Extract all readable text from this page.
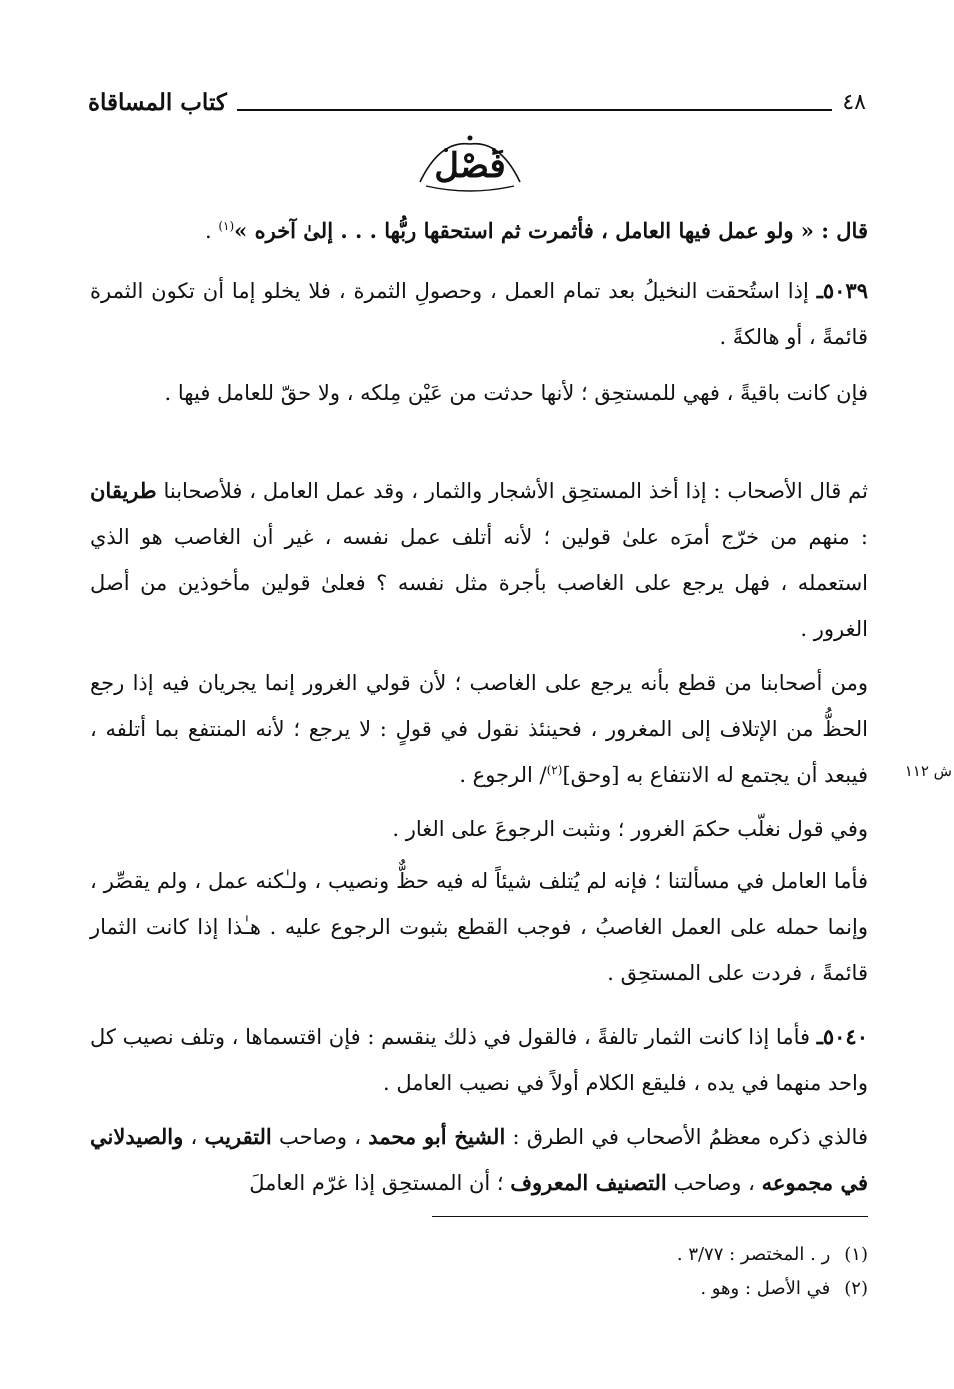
٤٨
كتاب المساقاة
فَصْل

قال : « ولو عمل فيها العامل ، فأثمرت ثم استحقها ربُّها . . . إلىٰ آخره »$^{(١)}$ .

٥٠٣٩ـ إذا استُحقت النخيلُ بعد تمام العمل ، وحصولِ الثمرة ، فلا يخلو إما أن تكون الثمرة قائمةً ، أو هالكةً .

فإن كانت باقيةً ، فهي للمستحِق ؛ لأنها حدثت من عَيْن مِلكه ، ولا حقّ للعامل فيها .

ثم قال الأصحاب : إذا أخذ المستحِق الأشجار والثمار ، وقد عمل العامل ، فلأصحابنا طريقان : منهم من خرّج أمرَه علىٰ قولين ؛ لأنه أتلف عمل نفسه ، غير أن الغاصب هو الذي استعمله ، فهل يرجع على الغاصب بأجرة مثل نفسه ؟ فعلىٰ قولين مأخوذين من أصل الغرور .

ومن أصحابنا من قطع بأنه يرجع على الغاصب ؛ لأن قولي الغرور إنما يجريان فيه إذا رجع الحظُّ من الإتلاف إلى المغرور ، فحينئذ نقول في قولٍ : لا يرجع ؛ لأنه المنتفع بما أتلفه ، فيبعد أن يجتمع له الانتفاع به [وحق]$^{(٢)}$/ الرجوع .	ش ١١٢

وفي قول نغلّب حكمَ الغرور ؛ ونثبت الرجوعَ على الغار .

فأما العامل في مسألتنا ؛ فإنه لم يُتلف شيئاً له فيه حظٌّ ونصيب ، ولـٰكنه عمل ، ولم يقصِّر ، وإنما حمله على العمل الغاصبُ ، فوجب القطع بثبوت الرجوع عليه . هـٰذا إذا كانت الثمار قائمةً ، فردت على المستحِق .

٥٠٤٠ـ فأما إذا كانت الثمار تالفةً ، فالقول في ذلك ينقسم : فإن اقتسماها ، وتلف نصيب كل واحد منهما في يده ، فليقع الكلام أولاً في نصيب العامل .

فالذي ذكره معظمُ الأصحاب في الطرق : الشيخ أبو محمد ، وصاحب التقريب ، والصيدلاني في مجموعه ، وصاحب التصنيف المعروف ؛ أن المستحِق إذا غرّم العاملَ

(١)
ر . المختصر : ٣/٧٧ .
(٢)
في الأصل : وهو .
